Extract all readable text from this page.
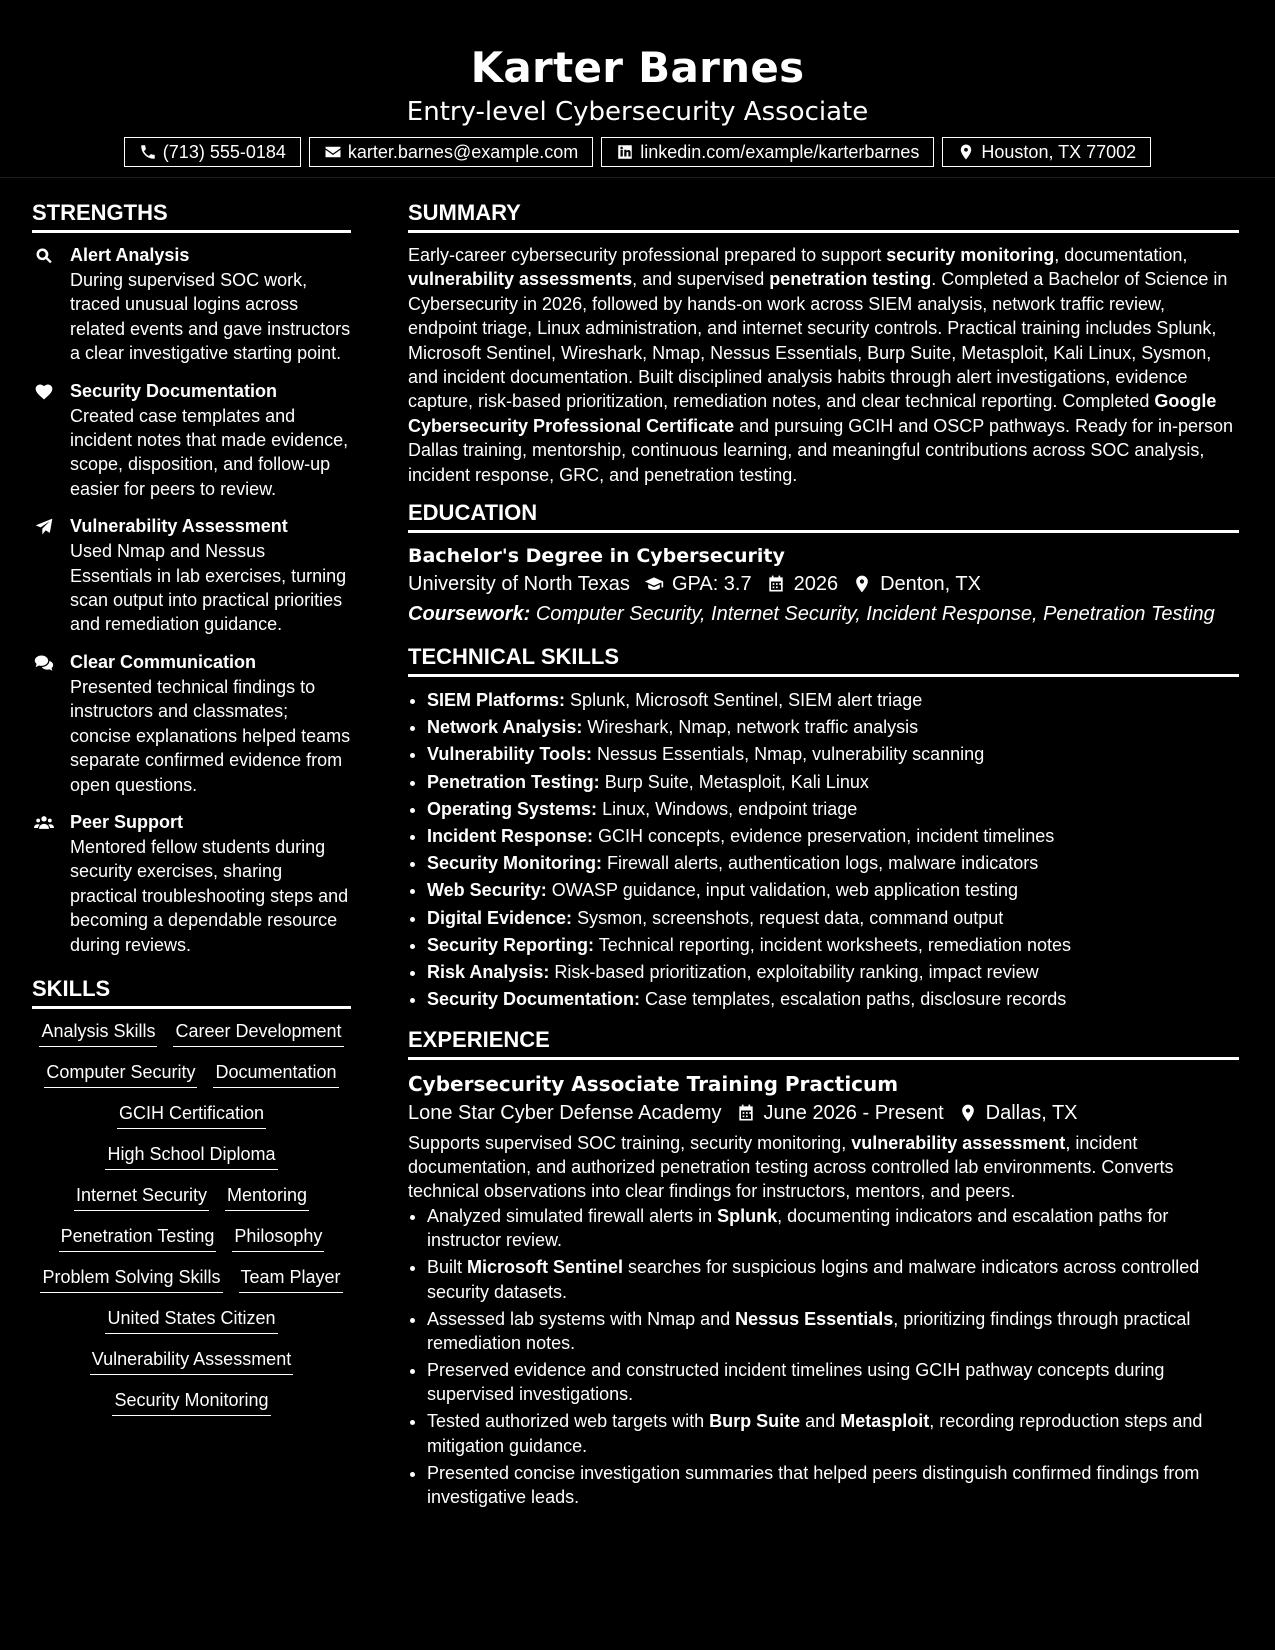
Karter Barnes
Entry-level Cybersecurity Associate
(713) 555-0184	karter.barnes@example.com	linkedin.com/example/karterbarnes	Houston, TX 77002
STRENGTHS
Alert Analysis
During supervised SOC work, traced unusual logins across related events and gave instructors a clear investigative starting point.
Security Documentation
Created case templates and incident notes that made evidence, scope, disposition, and follow-up easier for peers to review.
Vulnerability Assessment
Used Nmap and Nessus Essentials in lab exercises, turning scan output into practical priorities and remediation guidance.
Clear Communication
Presented technical findings to instructors and classmates; concise explanations helped teams separate confirmed evidence from open questions.
Peer Support
Mentored fellow students during security exercises, sharing practical troubleshooting steps and becoming a dependable resource during reviews.
SKILLS
Analysis Skills Career Development
Computer Security Documentation
GCIH Certification
High School Diploma
Internet Security Mentoring
Penetration Testing Philosophy
Problem Solving Skills Team Player
United States Citizen
Vulnerability Assessment
Security Monitoring
SUMMARY
Early-career cybersecurity professional prepared to support security monitoring, documentation, vulnerability assessments, and supervised penetration testing. Completed a Bachelor of Science in Cybersecurity in 2026, followed by hands-on work across SIEM analysis, network traffic review, endpoint triage, Linux administration, and internet security controls. Practical training includes Splunk, Microsoft Sentinel, Wireshark, Nmap, Nessus Essentials, Burp Suite, Metasploit, Kali Linux, Sysmon, and incident documentation. Built disciplined analysis habits through alert investigations, evidence capture, risk-based prioritization, remediation notes, and clear technical reporting. Completed Google Cybersecurity Professional Certificate and pursuing GCIH and OSCP pathways. Ready for in-person Dallas training, mentorship, continuous learning, and meaningful contributions across SOC analysis, incident response, GRC, and penetration testing.
EDUCATION
Bachelor's Degree in Cybersecurity
University of North Texas GPA: 3.7 2026 Denton, TX
Coursework: Computer Security, Internet Security, Incident Response, Penetration Testing
TECHNICAL SKILLS
• SIEM Platforms: Splunk, Microsoft Sentinel, SIEM alert triage
• Network Analysis: Wireshark, Nmap, network traffic analysis
• Vulnerability Tools: Nessus Essentials, Nmap, vulnerability scanning
• Penetration Testing: Burp Suite, Metasploit, Kali Linux
• Operating Systems: Linux, Windows, endpoint triage
• Incident Response: GCIH concepts, evidence preservation, incident timelines
• Security Monitoring: Firewall alerts, authentication logs, malware indicators
• Web Security: OWASP guidance, input validation, web application testing
• Digital Evidence: Sysmon, screenshots, request data, command output
• Security Reporting: Technical reporting, incident worksheets, remediation notes
• Risk Analysis: Risk-based prioritization, exploitability ranking, impact review
• Security Documentation: Case templates, escalation paths, disclosure records
EXPERIENCE
Cybersecurity Associate Training Practicum
Lone Star Cyber Defense Academy June 2026 - Present Dallas, TX
Supports supervised SOC training, security monitoring, vulnerability assessment, incident documentation, and authorized penetration testing across controlled lab environments. Converts technical observations into clear findings for instructors, mentors, and peers.
• Analyzed simulated firewall alerts in Splunk, documenting indicators and escalation paths for instructor review.
• Built Microsoft Sentinel searches for suspicious logins and malware indicators across controlled security datasets.
• Assessed lab systems with Nmap and Nessus Essentials, prioritizing findings through practical remediation notes.
• Preserved evidence and constructed incident timelines using GCIH pathway concepts during supervised investigations.
• Tested authorized web targets with Burp Suite and Metasploit, recording reproduction steps and mitigation guidance.
• Presented concise investigation summaries that helped peers distinguish confirmed findings from investigative leads.
